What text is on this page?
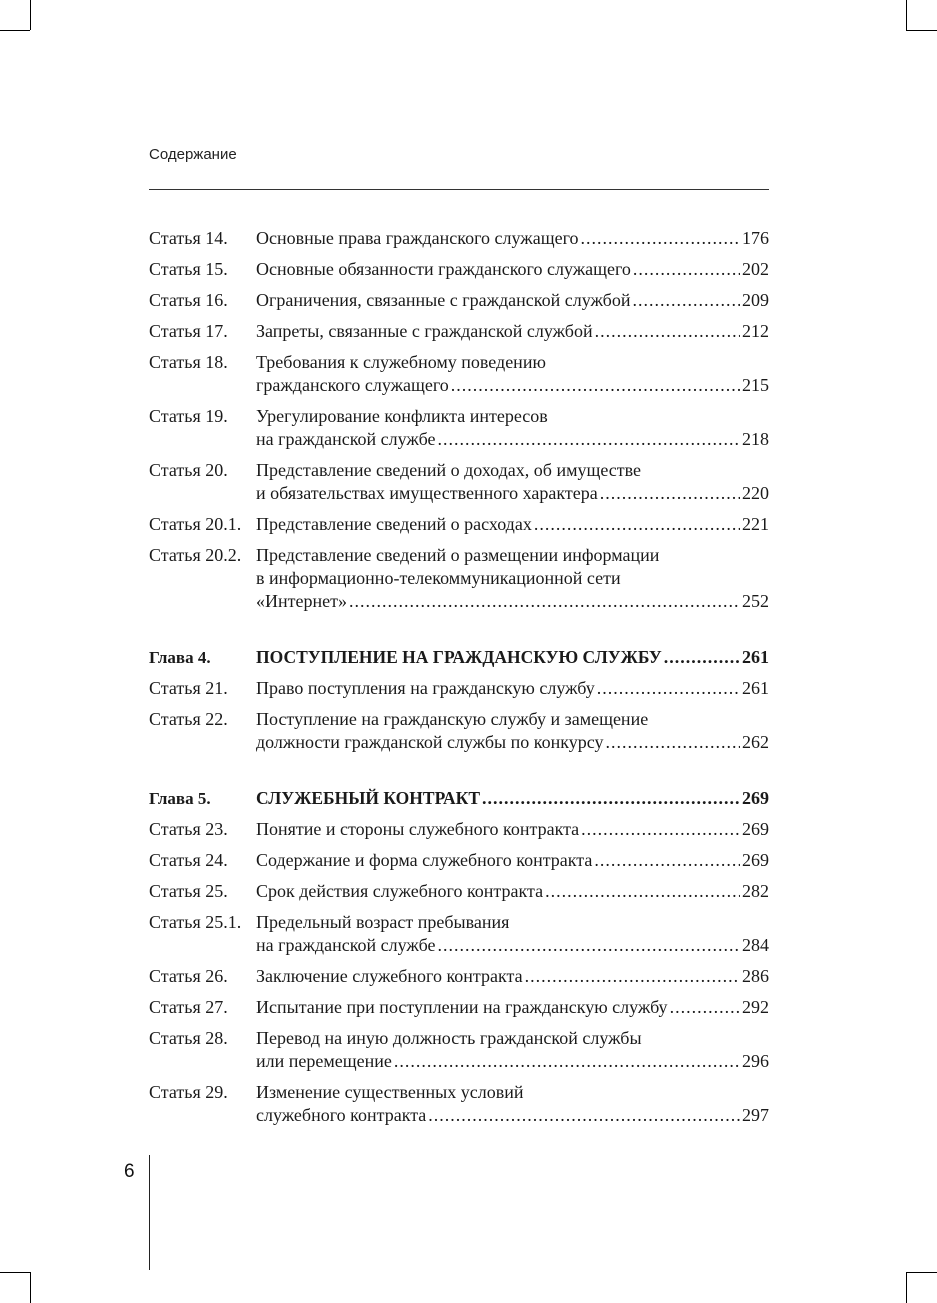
Содержание
Статья 14. Основные права гражданского служащего .....	176
Статья 15. Основные обязанности гражданского служащего .....	202
Статья 16. Ограничения, связанные с гражданской службой .....	209
Статья 17. Запреты, связанные с гражданской службой .....	212
Статья 18. Требования к служебному поведению
гражданского служащего .....	215
Статья 19. Урегулирование конфликта интересов
на гражданской службе .....	218
Статья 20. Представление сведений о доходах, об имуществе
и обязательствах имущественного характера .....	220
Статья 20.1. Представление сведений о расходах .....	221
Статья 20.2. Представление сведений о размещении информации
в информационно-телекоммуникационной сети
«Интернет» .....	252
Глава 4.	ПОСТУПЛЕНИЕ НА ГРАЖДАНСКУЮ СЛУЖБУ .....	261
Статья 21. Право поступления на гражданскую службу .....	261
Статья 22. Поступление на гражданскую службу и замещение
должности гражданской службы по конкурсу .....	262
Глава 5.	СЛУЖЕБНЫЙ КОНТРАКТ .....	269
Статья 23. Понятие и стороны служебного контракта .....	269
Статья 24. Содержание и форма служебного контракта .....	269
Статья 25. Срок действия служебного контракта .....	282
Статья 25.1. Предельный возраст пребывания
на гражданской службе .....	284
Статья 26. Заключение служебного контракта .....	286
Статья 27. Испытание при поступлении на гражданскую службу .....	292
Статья 28. Перевод на иную должность гражданской службы
или перемещение .....	296
Статья 29. Изменение существенных условий
служебного контракта .....	297
6
